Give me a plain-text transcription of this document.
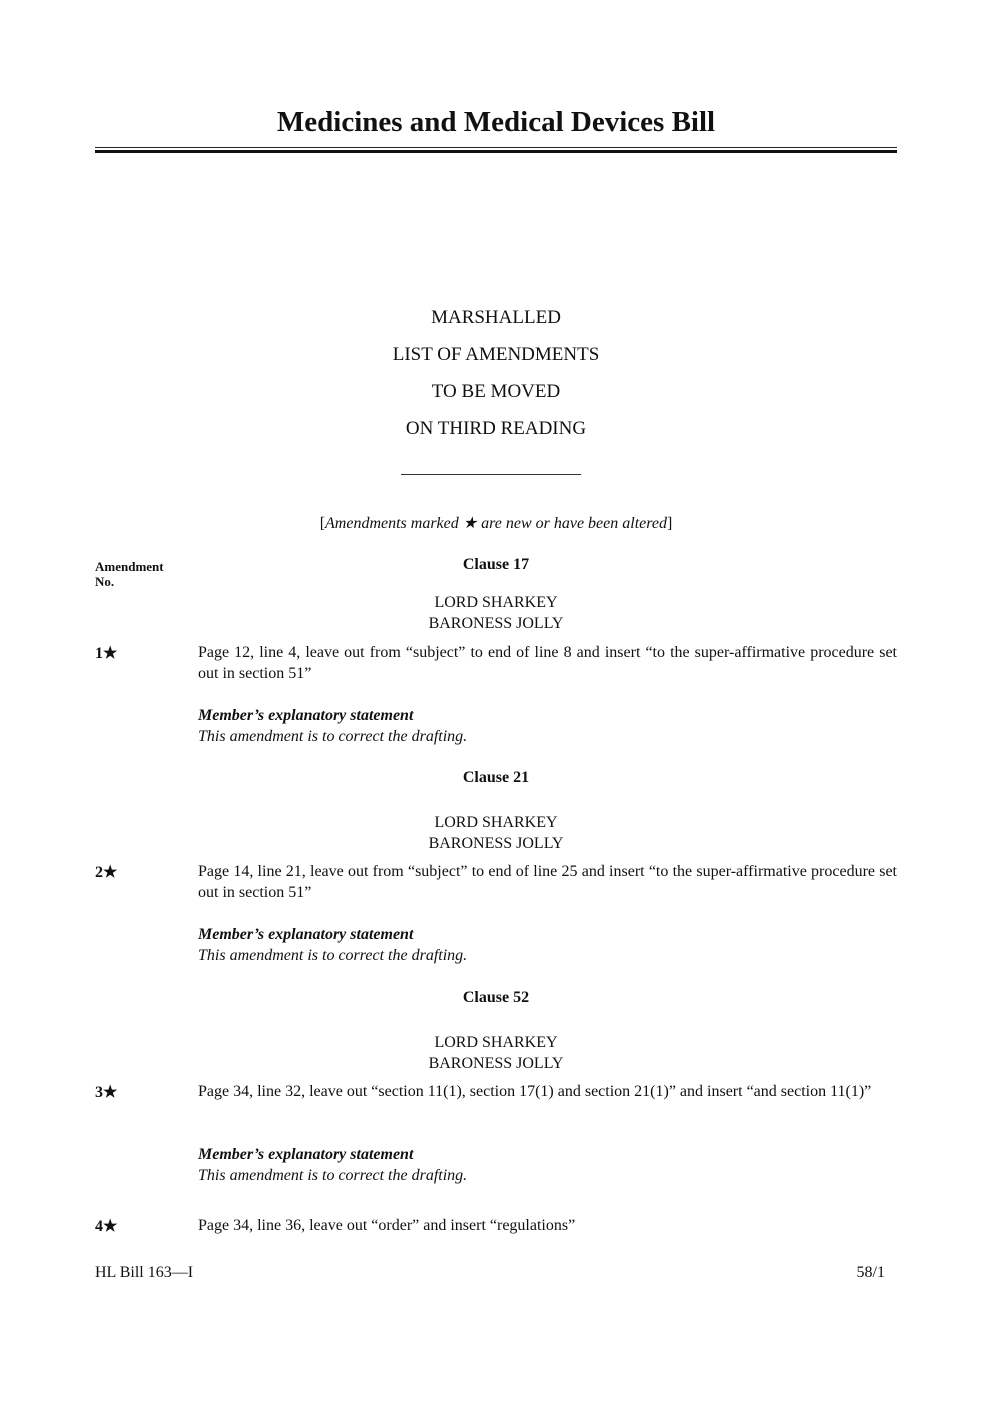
Medicines and Medical Devices Bill
MARSHALLED
LIST OF AMENDMENTS
TO BE MOVED
ON THIRD READING
[Amendments marked ★ are new or have been altered]
Amendment
No.
Clause 17
LORD SHARKEY
BARONESS JOLLY
1★	Page 12, line 4, leave out from “subject” to end of line 8 and insert “to the super-affirmative procedure set out in section 51”
Member’s explanatory statement
This amendment is to correct the drafting.
Clause 21
LORD SHARKEY
BARONESS JOLLY
2★	Page 14, line 21, leave out from “subject” to end of line 25 and insert “to the super-affirmative procedure set out in section 51”
Member’s explanatory statement
This amendment is to correct the drafting.
Clause 52
LORD SHARKEY
BARONESS JOLLY
3★	Page 34, line 32, leave out “section 11(1), section 17(1) and section 21(1)” and insert “and section 11(1)”
Member’s explanatory statement
This amendment is to correct the drafting.
4★	Page 34, line 36, leave out “order” and insert “regulations”
HL Bill 163—I	58/1
